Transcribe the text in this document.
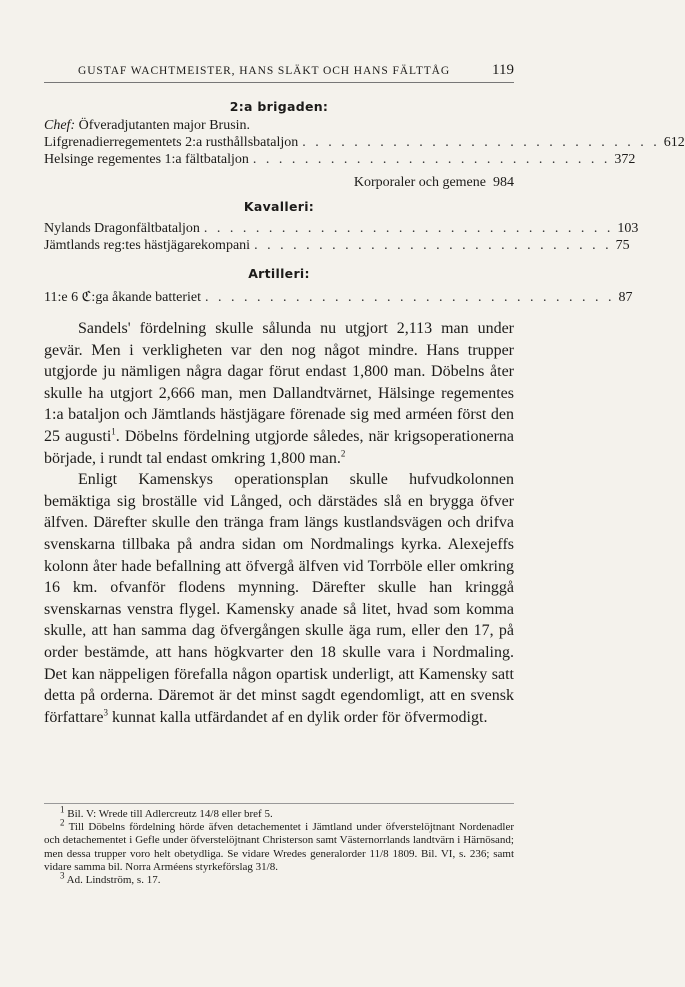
GUSTAF WACHTMEISTER, HANS SLÄKT OCH HANS FÄLTTÅG	119
2:a brigaden:
Chef: Öfveradjutanten major Brusin.
Lifgrenadierregementets 2:a rusthållsbataljon . . . . . . . . . . . . . . . . . . . . . . . . . . . . 612
Helsinge regementes 1:a fältbataljon . . . . . . . . . . . . . . . . . . . . . . . . . . . . 372
Korporaler och gemene
984
Kavalleri:
Nylands Dragonfältbataljon . . . . . . . . . . . . . . . . . . . . . . . . . . . . . . . . 103
Jämtlands reg:tes hästjägarekompani . . . . . . . . . . . . . . . . . . . . . . . . . . . . 75
Artilleri:
11:e 6 ℭ:ga åkande batteriet . . . . . . . . . . . . . . . . . . . . . . . . . . . . . . . . 87

Sandels' fördelning skulle sålunda nu utgjort 2,113 man under gevär. Men i verkligheten var den nog något mindre. Hans trupper utgjorde ju nämligen några dagar förut endast 1,800 man. Döbelns åter skulle ha utgjort 2,666 man, men Dallandtvärnet, Hälsinge regementes 1:a bataljon och Jämtlands hästjägare förenade sig med arméen först den 25 augusti$^1$. Döbelns fördelning utgjorde således, när krigsoperationerna började, i rundt tal endast omkring 1,800 man.$^2$

Enligt Kamenskys operationsplan skulle hufvudkolonnen bemäktiga sig broställe vid Långed, och därstädes slå en brygga öfver älfven. Därefter skulle den tränga fram längs kustlandsvägen och drifva svenskarna tillbaka på andra sidan om Nordmalings kyrka. Alexejeffs kolonn åter hade befallning att öfvergå älfven vid Torrböle eller omkring 16 km. ofvanför flodens mynning. Därefter skulle han kringgå svenskarnas venstra flygel. Kamensky anade så litet, hvad som komma skulle, att han samma dag öfvergången skulle äga rum, eller den 17, på order bestämde, att hans högkvarter den 18 skulle vara i Nordmaling. Det kan näppeligen förefalla någon opartisk underligt, att Kamensky satt detta på orderna. Däremot är det minst sagdt egendomligt, att en svensk författare$^3$ kunnat kalla utfärdandet af en dylik order för öfvermodigt.

$^1$ Bil. V: Wrede till Adlercreutz 14/8 eller bref 5.

$^2$ Till Döbelns fördelning hörde äfven detachementet i Jämtland under öfverstelöjtnant Nordenadler och detachementet i Gefle under öfverstelöjtnant Christerson samt Västernorrlands landtvärn i Härnösand; men dessa trupper voro helt obetydliga. Se vidare Wredes generalorder 11/8 1809. Bil. VI, s. 236; samt vidare samma bil. Norra Arméens styrkeförslag 31/8.

$^3$ Ad. Lindström, s. 17.
